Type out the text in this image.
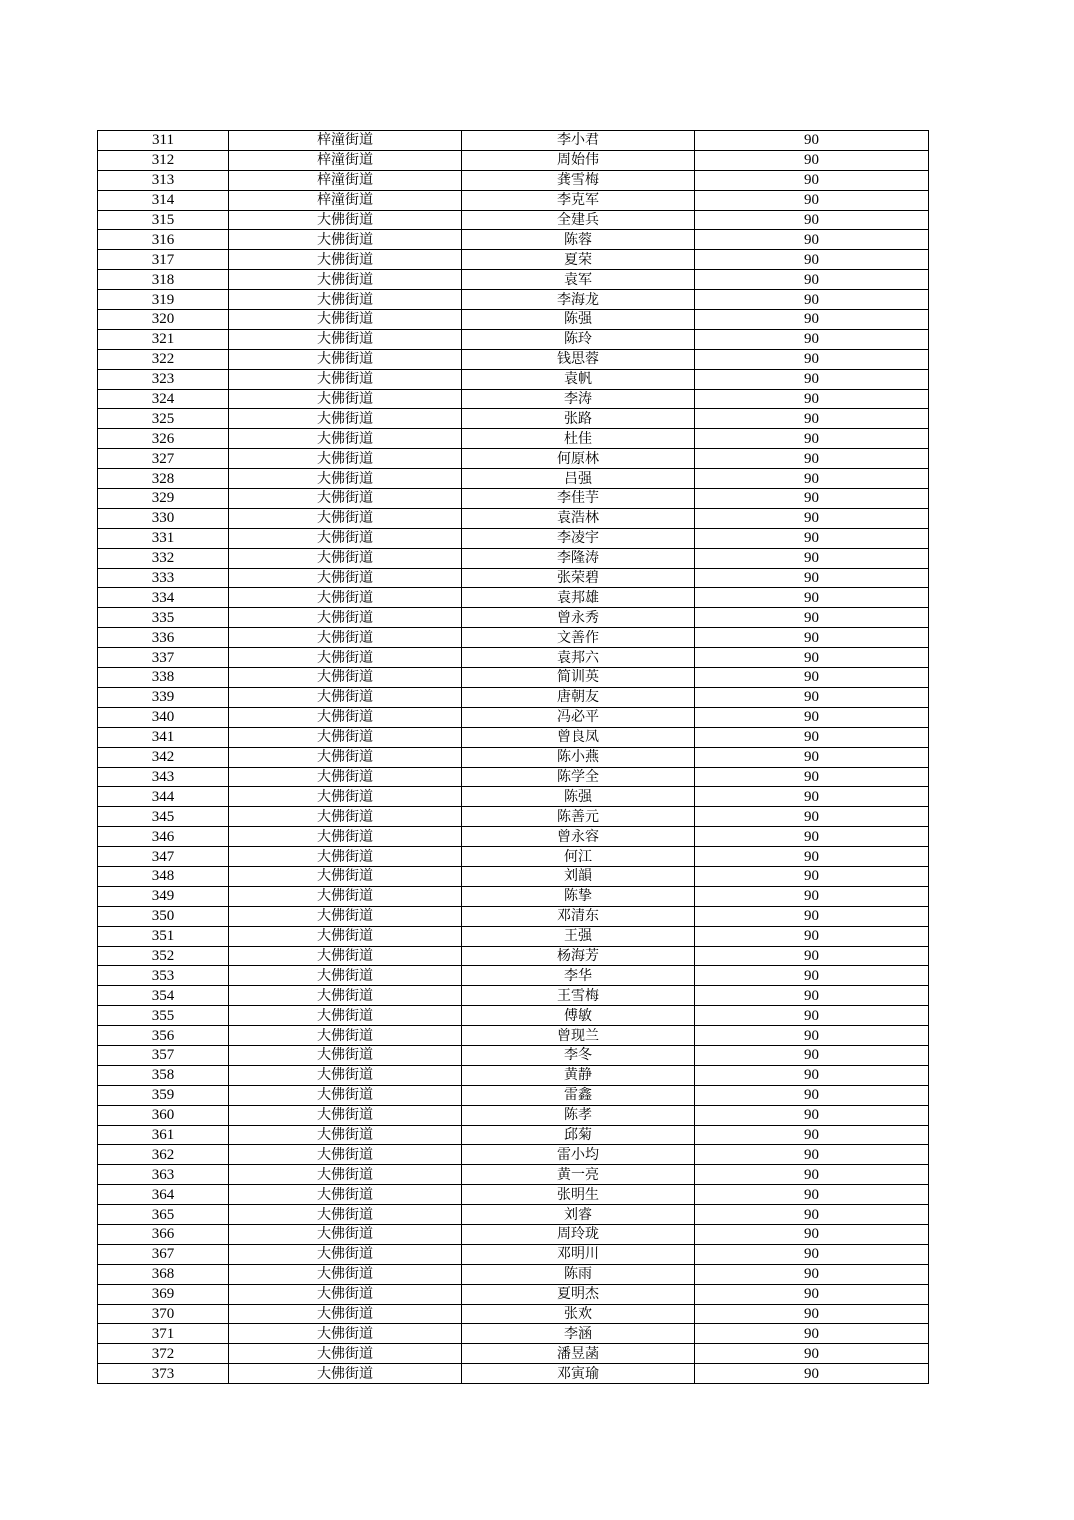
311	梓潼街道	李小君	90
312	梓潼街道	周始伟	90
313	梓潼街道	龚雪梅	90
314	梓潼街道	李克军	90
315	大佛街道	全建兵	90
316	大佛街道	陈蓉	90
317	大佛街道	夏荣	90
318	大佛街道	袁军	90
319	大佛街道	李海龙	90
320	大佛街道	陈强	90
321	大佛街道	陈玲	90
322	大佛街道	钱思蓉	90
323	大佛街道	袁帆	90
324	大佛街道	李涛	90
325	大佛街道	张路	90
326	大佛街道	杜佳	90
327	大佛街道	何原林	90
328	大佛街道	吕强	90
329	大佛街道	李佳芋	90
330	大佛街道	袁浩林	90
331	大佛街道	李凌宇	90
332	大佛街道	李隆涛	90
333	大佛街道	张荣碧	90
334	大佛街道	袁邦雄	90
335	大佛街道	曾永秀	90
336	大佛街道	文善作	90
337	大佛街道	袁邦六	90
338	大佛街道	简训英	90
339	大佛街道	唐朝友	90
340	大佛街道	冯必平	90
341	大佛街道	曾良凤	90
342	大佛街道	陈小燕	90
343	大佛街道	陈学全	90
344	大佛街道	陈强	90
345	大佛街道	陈善元	90
346	大佛街道	曾永容	90
347	大佛街道	何江	90
348	大佛街道	刘韻	90
349	大佛街道	陈挚	90
350	大佛街道	邓清东	90
351	大佛街道	王强	90
352	大佛街道	杨海芳	90
353	大佛街道	李华	90
354	大佛街道	王雪梅	90
355	大佛街道	傅敏	90
356	大佛街道	曾现兰	90
357	大佛街道	李冬	90
358	大佛街道	黄静	90
359	大佛街道	雷鑫	90
360	大佛街道	陈孝	90
361	大佛街道	邱菊	90
362	大佛街道	雷小均	90
363	大佛街道	黄一亮	90
364	大佛街道	张明生	90
365	大佛街道	刘睿	90
366	大佛街道	周玲珑	90
367	大佛街道	邓明川	90
368	大佛街道	陈雨	90
369	大佛街道	夏明杰	90
370	大佛街道	张欢	90
371	大佛街道	李涵	90
372	大佛街道	潘昱菡	90
373	大佛街道	邓寅瑜	90
